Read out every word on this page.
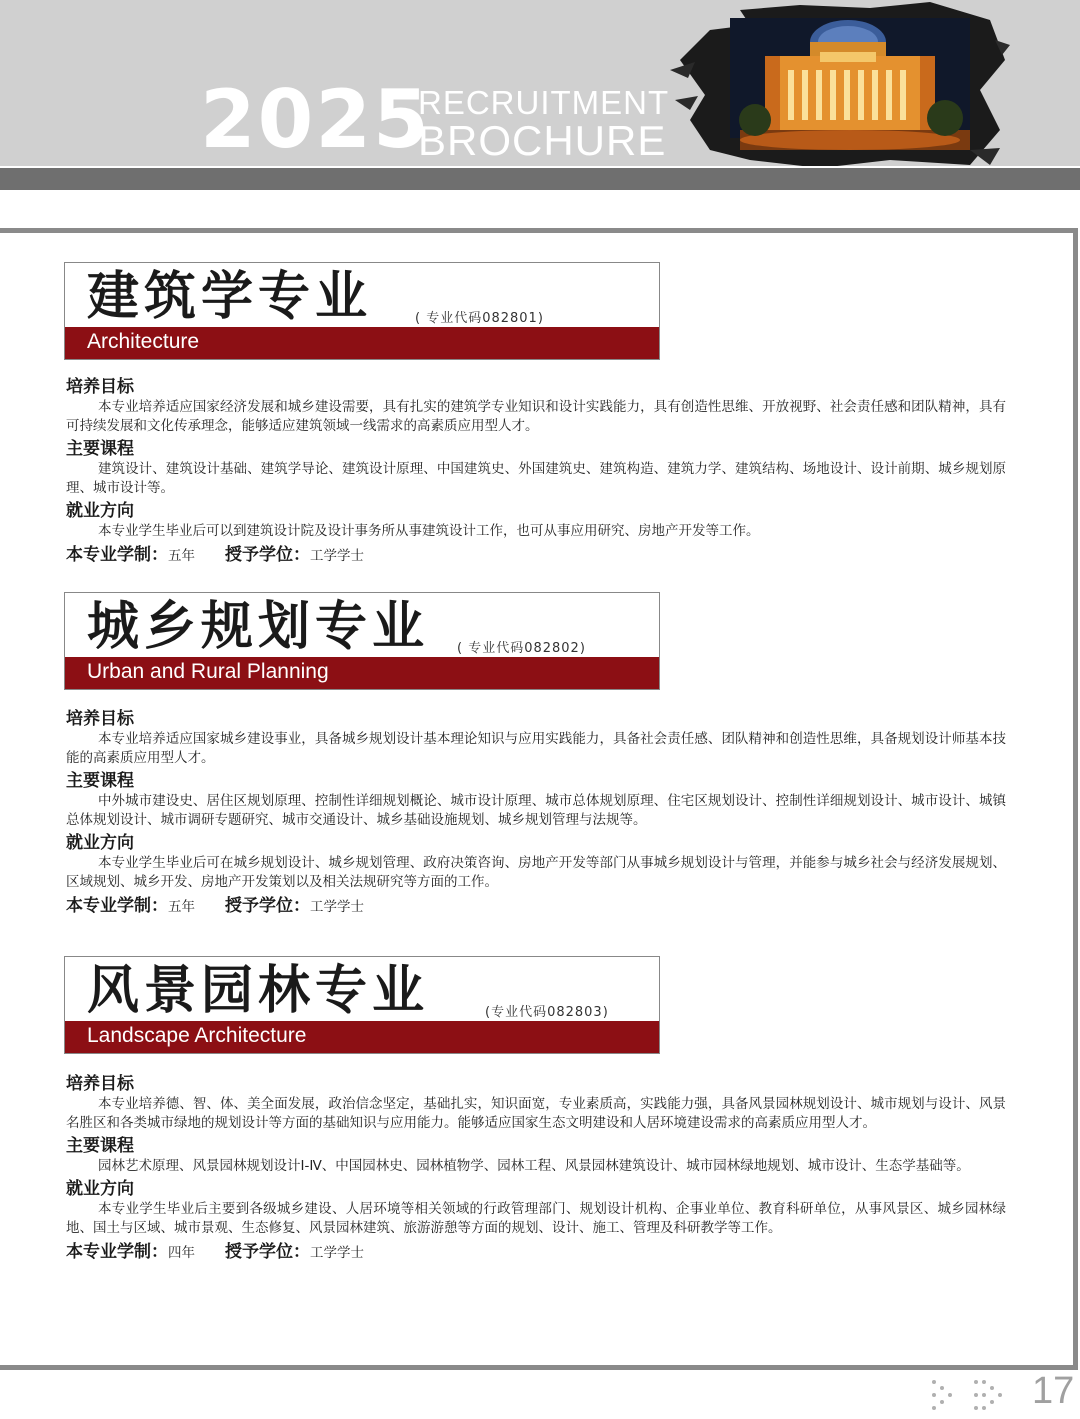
2025
RECRUITMENT
BROCHURE
建筑学专业	( 专业代码082801)
Architecture
培养目标
本专业培养适应国家经济发展和城乡建设需要，具有扎实的建筑学专业知识和设计实践能力，具有创造性思维、开放视野、社会责任感和团队精神，具有可持续发展和文化传承理念，能够适应建筑领域一线需求的高素质应用型人才。
主要课程
建筑设计、建筑设计基础、建筑学导论、建筑设计原理、中国建筑史、外国建筑史、建筑构造、建筑力学、建筑结构、场地设计、设计前期、城乡规划原理、城市设计等。
就业方向
本专业学生毕业后可以到建筑设计院及设计事务所从事建筑设计工作，也可从事应用研究、房地产开发等工作。
本专业学制：五年 授予学位：工学学士
城乡规划专业 ( 专业代码082802)
Urban and Rural Planning
培养目标
本专业培养适应国家城乡建设事业，具备城乡规划设计基本理论知识与应用实践能力，具备社会责任感、团队精神和创造性思维，具备规划设计师基本技能的高素质应用型人才。
主要课程
中外城市建设史、居住区规划原理、控制性详细规划概论、城市设计原理、城市总体规划原理、住宅区规划设计、控制性详细规划设计、城市设计、城镇总体规划设计、城市调研专题研究、城市交通设计、城乡基础设施规划、城乡规划管理与法规等。
就业方向
本专业学生毕业后可在城乡规划设计、城乡规划管理、政府决策咨询、房地产开发等部门从事城乡规划设计与管理，并能参与城乡社会与经济发展规划、区域规划、城乡开发、房地产开发策划以及相关法规研究等方面的工作。
本专业学制：五年 授予学位：工学学士
风景园林专业	(专业代码082803)
Landscape Architecture
培养目标
本专业培养德、智、体、美全面发展，政治信念坚定，基础扎实，知识面宽，专业素质高，实践能力强，具备风景园林规划设计、城市规划与设计、风景名胜区和各类城市绿地的规划设计等方面的基础知识与应用能力。能够适应国家生态文明建设和人居环境建设需求的高素质应用型人才。
主要课程
园林艺术原理、风景园林规划设计Ⅰ-Ⅳ、中国园林史、园林植物学、园林工程、风景园林建筑设计、城市园林绿地规划、城市设计、生态学基础等。
就业方向
本专业学生毕业后主要到各级城乡建设、人居环境等相关领域的行政管理部门、规划设计机构、企事业单位、教育科研单位，从事风景区、城乡园林绿地、国土与区域、城市景观、生态修复、风景园林建筑、旅游游憩等方面的规划、设计、施工、管理及科研教学等工作。
本专业学制：四年 授予学位：工学学士
17
